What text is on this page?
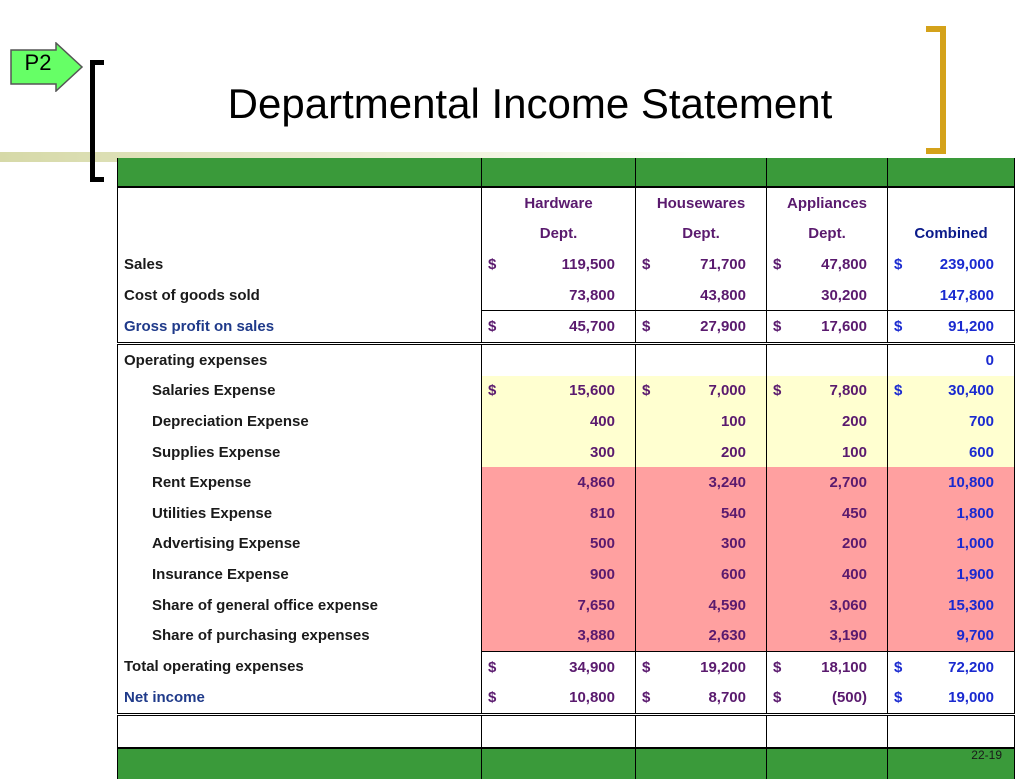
P2
Departmental Income Statement

	Hardware	Housewares	Appliances	
	Dept.	Dept.	Dept.	Combined
Sales	$ 119,500	$ 71,700	$ 47,800	$ 239,000

Cost of goods sold	73,800	43,800	30,200	147,800

Gross profit on sales	$ 45,700	$ 27,900	$ 17,600	$ 91,200

Operating expenses				0

Salaries Expense	$ 15,600	$ 7,000	$ 7,800	$ 30,400

Depreciation Expense	400	100	200	700

Supplies Expense	300	200	100	600

Rent Expense	4,860	3,240	2,700	10,800

Utilities Expense	810	540	450	1,800

Advertising Expense	500	300	200	1,000

Insurance Expense	900	600	400	1,900

Share of general office expense	7,650	4,590	3,060	15,300

Share of purchasing expenses	3,880	2,630	3,190	9,700

Total operating expenses	$ 34,900	$ 19,200	$ 18,100	$ 72,200

Net income	$ 10,800	$ 8,700	$ (500)	$ 19,000

22-19
